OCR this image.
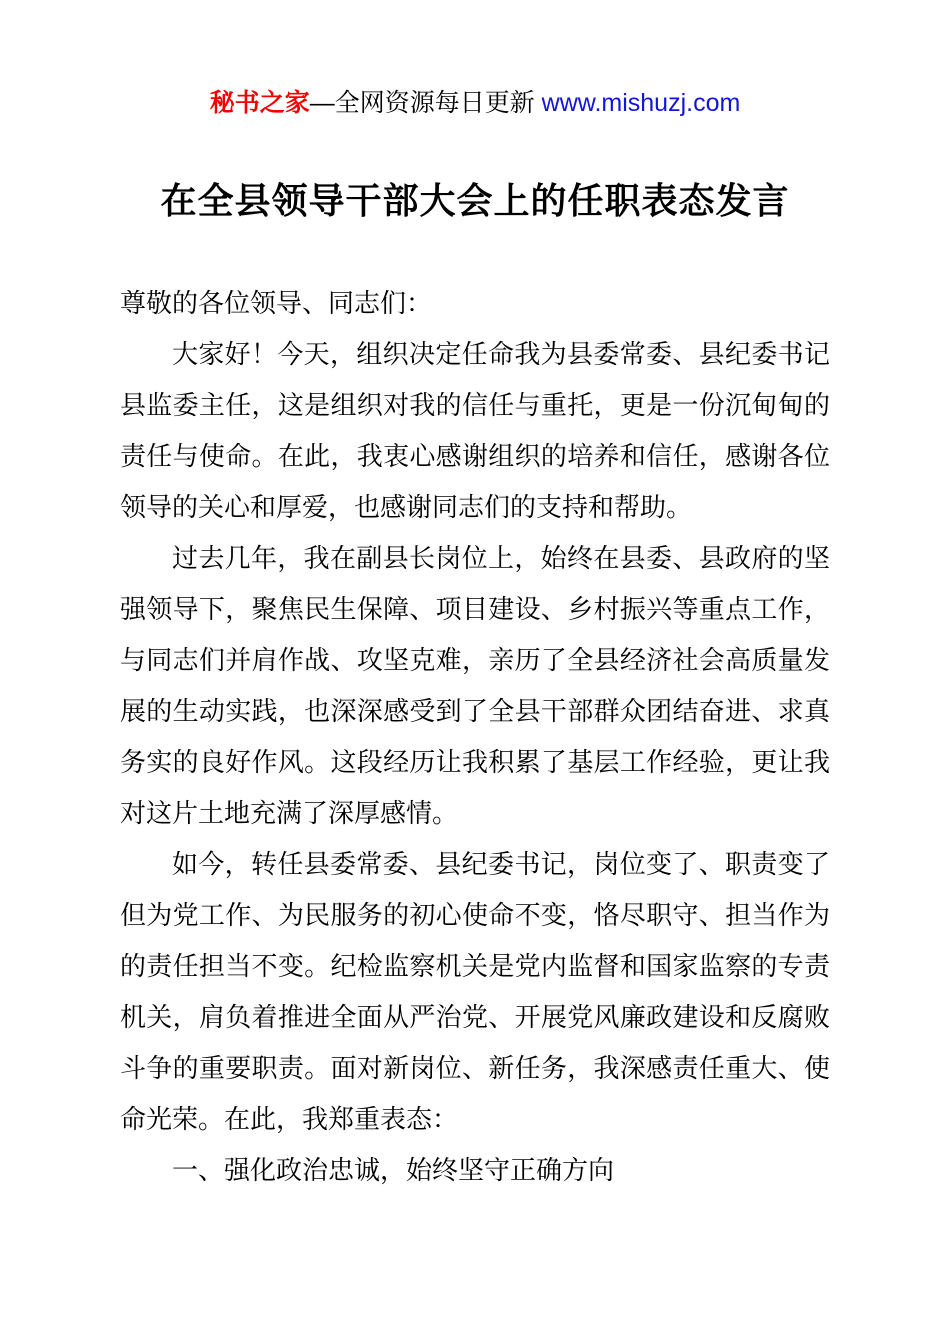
秘书之家—全网资源每日更新 www.mishuzj.com
在全县领导干部大会上的任职表态发言
尊敬的各位领导、同志们：
大家好！今天，组织决定任命我为县委常委、县纪委书记县监委主任，这是组织对我的信任与重托，更是一份沉甸甸的责任与使命。在此，我衷心感谢组织的培养和信任，感谢各位领导的关心和厚爱，也感谢同志们的支持和帮助。
过去几年，我在副县长岗位上，始终在县委、县政府的坚强领导下，聚焦民生保障、项目建设、乡村振兴等重点工作，与同志们并肩作战、攻坚克难，亲历了全县经济社会高质量发展的生动实践，也深深感受到了全县干部群众团结奋进、求真务实的良好作风。这段经历让我积累了基层工作经验，更让我对这片土地充满了深厚感情。
如今，转任县委常委、县纪委书记，岗位变了、职责变了但为党工作、为民服务的初心使命不变，恪尽职守、担当作为的责任担当不变。纪检监察机关是党内监督和国家监察的专责机关，肩负着推进全面从严治党、开展党风廉政建设和反腐败斗争的重要职责。面对新岗位、新任务，我深感责任重大、使命光荣。在此，我郑重表态：
一、强化政治忠诚，始终坚守正确方向
